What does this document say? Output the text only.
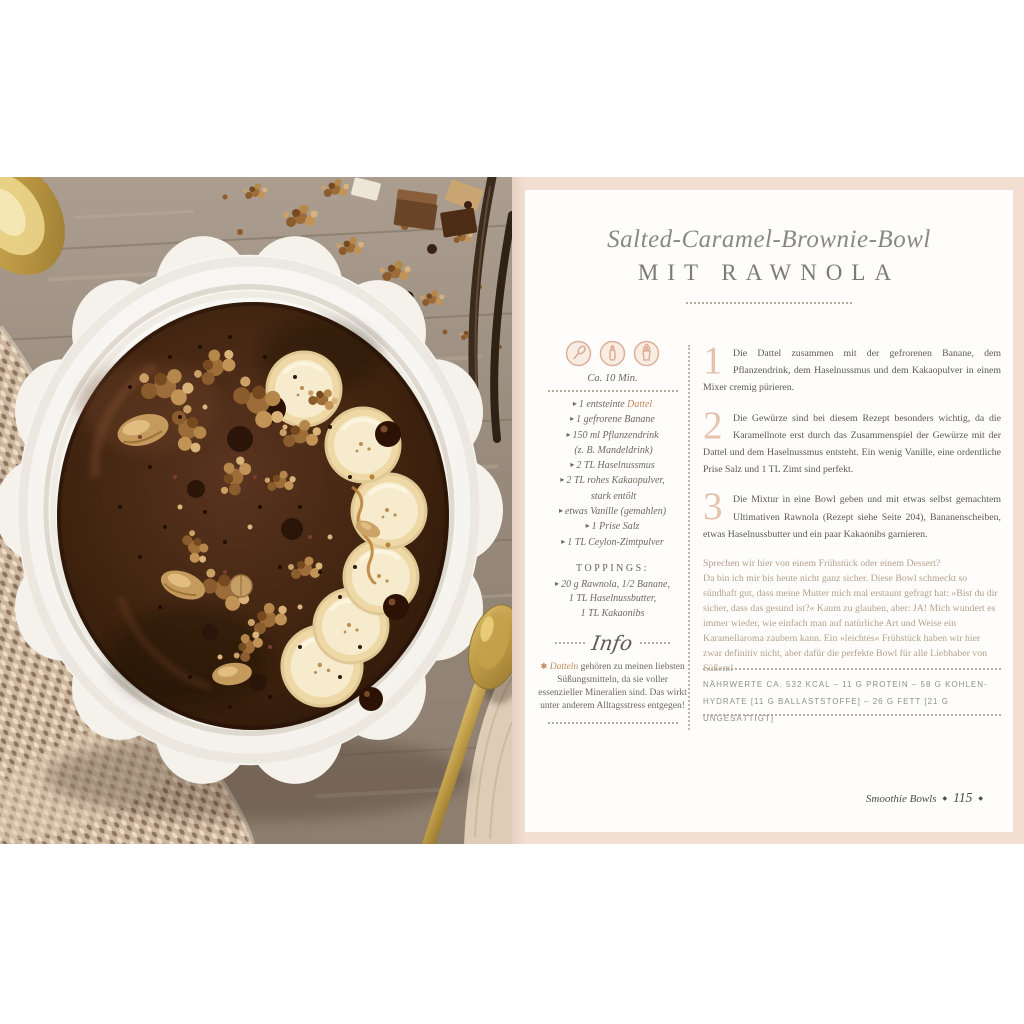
Salted-Caramel-Brownie-Bowl
MIT RAWNOLA
Ca. 10 Min.
▸ 1 entsteinte Dattel
▸ 1 gefrorene Banane
▸ 150 ml Pflanzendrink
(z. B. Mandeldrink)
▸ 2 TL Haselnussmus
▸ 2 TL rohes Kakaopulver,
stark entölt
▸ etwas Vanille (gemahlen)
▸ 1 Prise Salz
▸ 1 TL Ceylon-Zimtpulver
TOPPINGS:
▸ 20 g Rawnola, 1/2 Banane,
1 TL Haselnussbutter,
1 TL Kakaonibs
Info
✱ Datteln gehören zu meinen liebsten Süßungsmitteln, da sie voller essenzieller Mineralien sind. Das wirkt unter anderem Alltagsstress entgegen!
1	Die Dattel zusammen mit der gefrorenen Banane, dem Pflanzendrink, dem Haselnussmus und dem Kakaopulver in einem Mixer cremig pürieren.
2	Die Gewürze sind bei diesem Rezept besonders wichtig, da die Karamellnote erst durch das Zusammenspiel der Gewürze mit der Dattel und dem Haselnussmus entsteht. Ein wenig Vanille, eine ordentliche Prise Salz und 1 TL Zimt sind perfekt.
3	Die Mixtur in eine Bowl geben und mit etwas selbst gemachtem Ultimativen Rawnola (Rezept siehe Seite 204), Bananenscheiben, etwas Haselnussbutter und ein paar Kakaonibs garnieren.
Sprechen wir hier von einem Frühstück oder einem Dessert?
Da bin ich mir bis heute nicht ganz sicher. Diese Bowl schmeckt so sündhaft gut, dass meine Mutter mich mal erstaunt gefragt hat: »Bist du dir sicher, dass das gesund ist?« Kaum zu glauben, aber: JA! Mich wundert es immer wieder, wie einfach man auf natürliche Art und Weise ein Karamellaroma zaubern kann. Ein »leichtes« Frühstück haben wir hier zwar definitiv nicht, aber dafür die perfekte Bowl für alle Liebhaber von Süßem!
NÄHRWERTE CA. 532 KCAL – 11 G PROTEIN – 58 G KOHLEN-
HYDRATE [11 G BALLASTSTOFFE] – 26 G FETT [21 G UNGESÄTTIGT]
Smoothie Bowls ◆ 115 ◆
